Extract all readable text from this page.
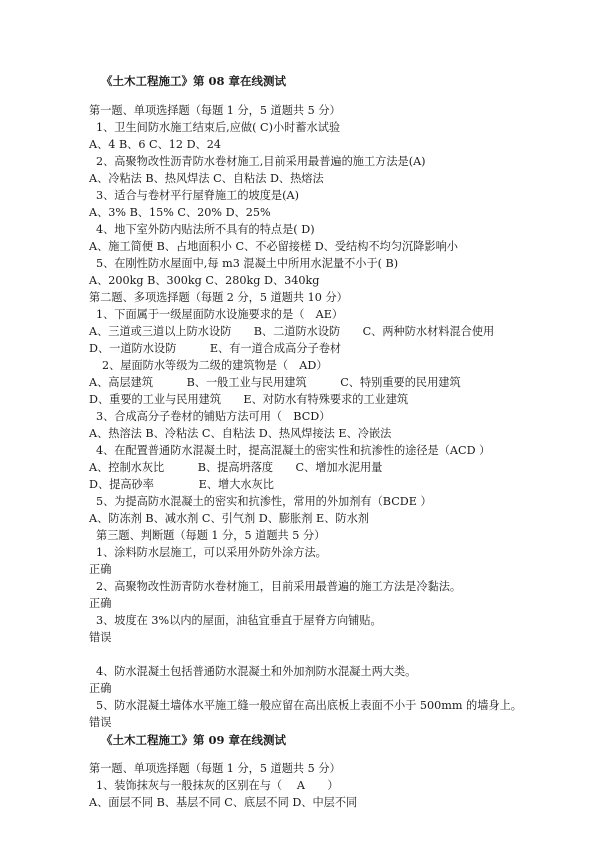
《土木工程施工》第 08 章在线测试
第一题、单项选择题（每题 1 分，5 道题共 5 分）
1、卫生间防水施工结束后,应做( C)小时蓄水试验
A、4 B、6 C、12 D、24
2、高聚物改性沥青防水卷材施工,目前采用最普遍的施工方法是(A)
A、冷粘法 B、热风焊法 C、自粘法 D、热熔法
3、适合与卷材平行屋脊施工的坡度是(A)
A、3% B、15% C、20% D、25%
4、地下室外防内贴法所不具有的特点是( D)
A、施工简便 B、占地面积小 C、不必留接槎 D、受结构不均匀沉降影响小
5、在刚性防水屋面中,每 m3 混凝土中所用水泥量不小于( B)
A、200kg B、300kg C、280kg D、340kg
第二题、多项选择题（每题 2 分，5 道题共 10 分）
1、下面属于一级屋面防水设施要求的是（　AE）
A、三道或三道以上防水设防　　B、二道防水设防　　C、两种防水材料混合使用
D、一道防水设防　　　E、有一道合成高分子卷材
2、屋面防水等级为二级的建筑物是（　AD）
A、高层建筑　　　B、一般工业与民用建筑　　　C、特别重要的民用建筑
D、重要的工业与民用建筑　　E、对防水有特殊要求的工业建筑
3、合成高分子卷材的铺贴方法可用（　BCD）
A、热溶法 B、冷粘法 C、自粘法 D、热风焊接法 E、冷嵌法
4、在配置普通防水混凝土时，提高混凝土的密实性和抗渗性的途径是（ACD ）
A、控制水灰比　　　B、提高坍落度　　C、增加水泥用量
D、提高砂率　　　　E、增大水灰比
5、为提高防水混凝土的密实和抗渗性，常用的外加剂有（BCDE ）
A、防冻剂 B、减水剂 C、引气剂 D、膨胀剂 E、防水剂
第三题、判断题（每题 1 分，5 道题共 5 分）
1、涂料防水层施工，可以采用外防外涂方法。
正确
2、高聚物改性沥青防水卷材施工，目前采用最普遍的施工方法是冷黏法。
正确
3、坡度在 3%以内的屋面，油毡宜垂直于屋脊方向铺贴。
错误
4、防水混凝土包括普通防水混凝土和外加剂防水混凝土两大类。
正确
5、防水混凝土墙体水平施工缝一般应留在高出底板上表面不小于 500mm 的墙身上。
错误
《土木工程施工》第 09 章在线测试
第一题、单项选择题（每题 1 分，5 道题共 5 分）
1、装饰抹灰与一般抹灰的区别在与（　 A　　）
A、面层不同 B、基层不同 C、底层不同 D、中层不同
